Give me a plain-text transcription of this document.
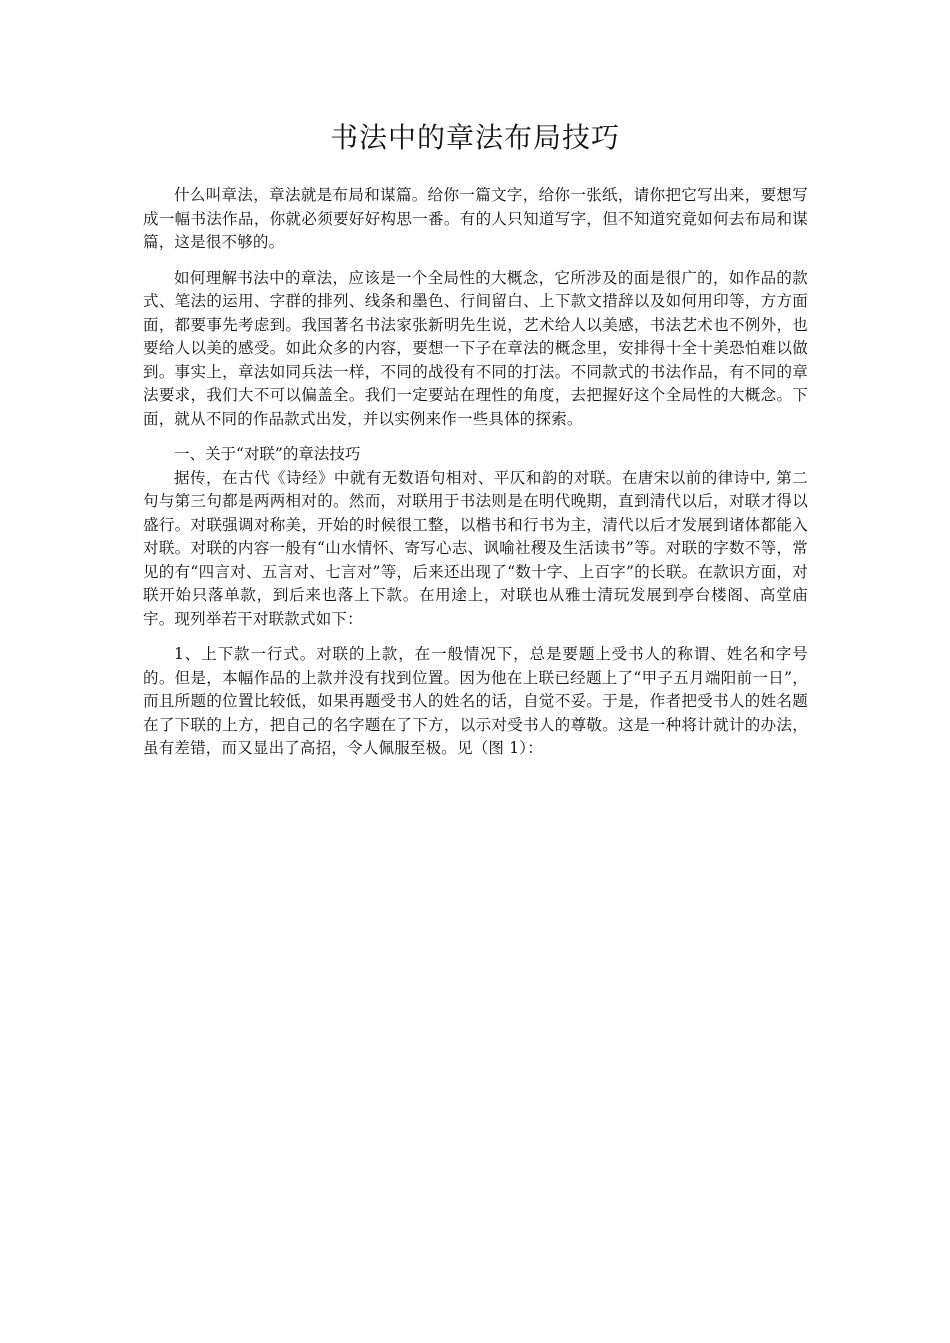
书法中的章法布局技巧

什么叫章法，章法就是布局和谋篇。给你一篇文字，给你一张纸，请你把它写出来，要想写成一幅书法作品，你就必须要好好构思一番。有的人只知道写字，但不知道究竟如何去布局和谋篇，这是很不够的。

如何理解书法中的章法，应该是一个全局性的大概念，它所涉及的面是很广的，如作品的款式、笔法的运用、字群的排列、线条和墨色、行间留白、上下款文措辞以及如何用印等，方方面面，都要事先考虑到。我国著名书法家张新明先生说，艺术给人以美感，书法艺术也不例外，也要给人以美的感受。如此众多的内容，要想一下子在章法的概念里，安排得十全十美恐怕难以做到。事实上，章法如同兵法一样，不同的战役有不同的打法。不同款式的书法作品，有不同的章法要求，我们大不可以偏盖全。我们一定要站在理性的角度，去把握好这个全局性的大概念。下面，就从不同的作品款式出发，并以实例来作一些具体的探索。

一、关于“对联”的章法技巧

据传，在古代《诗经》中就有无数语句相对、平仄和韵的对联。在唐宋以前的律诗中, 第二句与第三句都是两两相对的。然而，对联用于书法则是在明代晚期，直到清代以后，对联才得以盛行。对联强调对称美，开始的时候很工整，以楷书和行书为主，清代以后才发展到诸体都能入对联。对联的内容一般有“山水情怀、寄写心志、讽喻社稷及生活读书”等。对联的字数不等，常见的有“四言对、五言对、七言对”等，后来还出现了“数十字、上百字”的长联。在款识方面，对联开始只落单款，到后来也落上下款。在用途上，对联也从雅士清玩发展到亭台楼阁、高堂庙宇。现列举若干对联款式如下：

1、上下款一行式。对联的上款，在一般情况下，总是要题上受书人的称谓、姓名和字号的。但是，本幅作品的上款并没有找到位置。因为他在上联已经题上了“甲子五月端阳前一日”，而且所题的位置比较低，如果再题受书人的姓名的话，自觉不妥。于是，作者把受书人的姓名题在了下联的上方，把自己的名字题在了下方，以示对受书人的尊敬。这是一种将计就计的办法，虽有差错，而又显出了高招，令人佩服至极。见（图 1）：
